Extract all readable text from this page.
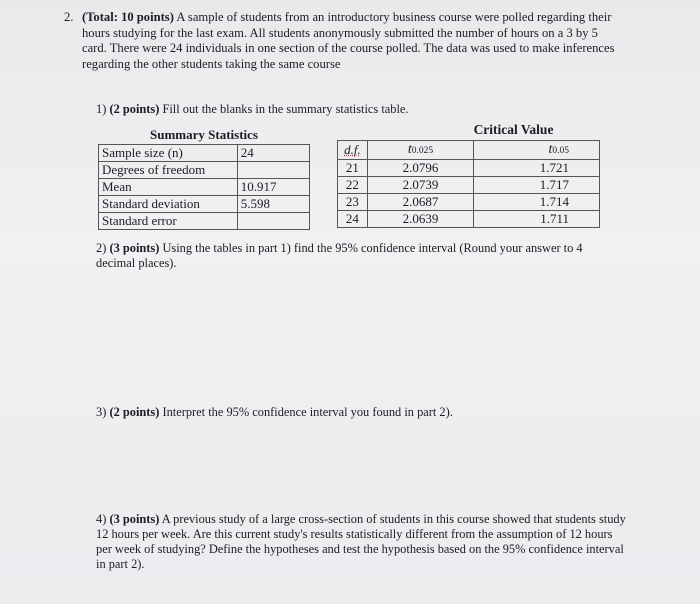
2. (Total: 10 points) A sample of students from an introductory business course were polled regarding their hours studying for the last exam. All students anonymously submitted the number of hours on a 3 by 5 card. There were 24 individuals in one section of the course polled. The data was used to make inferences regarding the other students taking the same course
1) (2 points) Fill out the blanks in the summary statistics table.
Summary Statistics	
Sample size (n)	24
Degrees of freedom	
Mean	10.917
Standard deviation	5.598
Standard error	
Critical Value		
d.f.	t0.025	t0.05
21	2.0796	1.721
22	2.0739	1.717
23	2.0687	1.714
24	2.0639	1.711
2) (3 points) Using the tables in part 1) find the 95% confidence interval (Round your answer to 4 decimal places).
3) (2 points) Interpret the 95% confidence interval you found in part 2).
4) (3 points) A previous study of a large cross-section of students in this course showed that students study 12 hours per week. Are this current study's results statistically different from the assumption of 12 hours per week of studying? Define the hypotheses and test the hypothesis based on the 95% confidence interval in part 2).
